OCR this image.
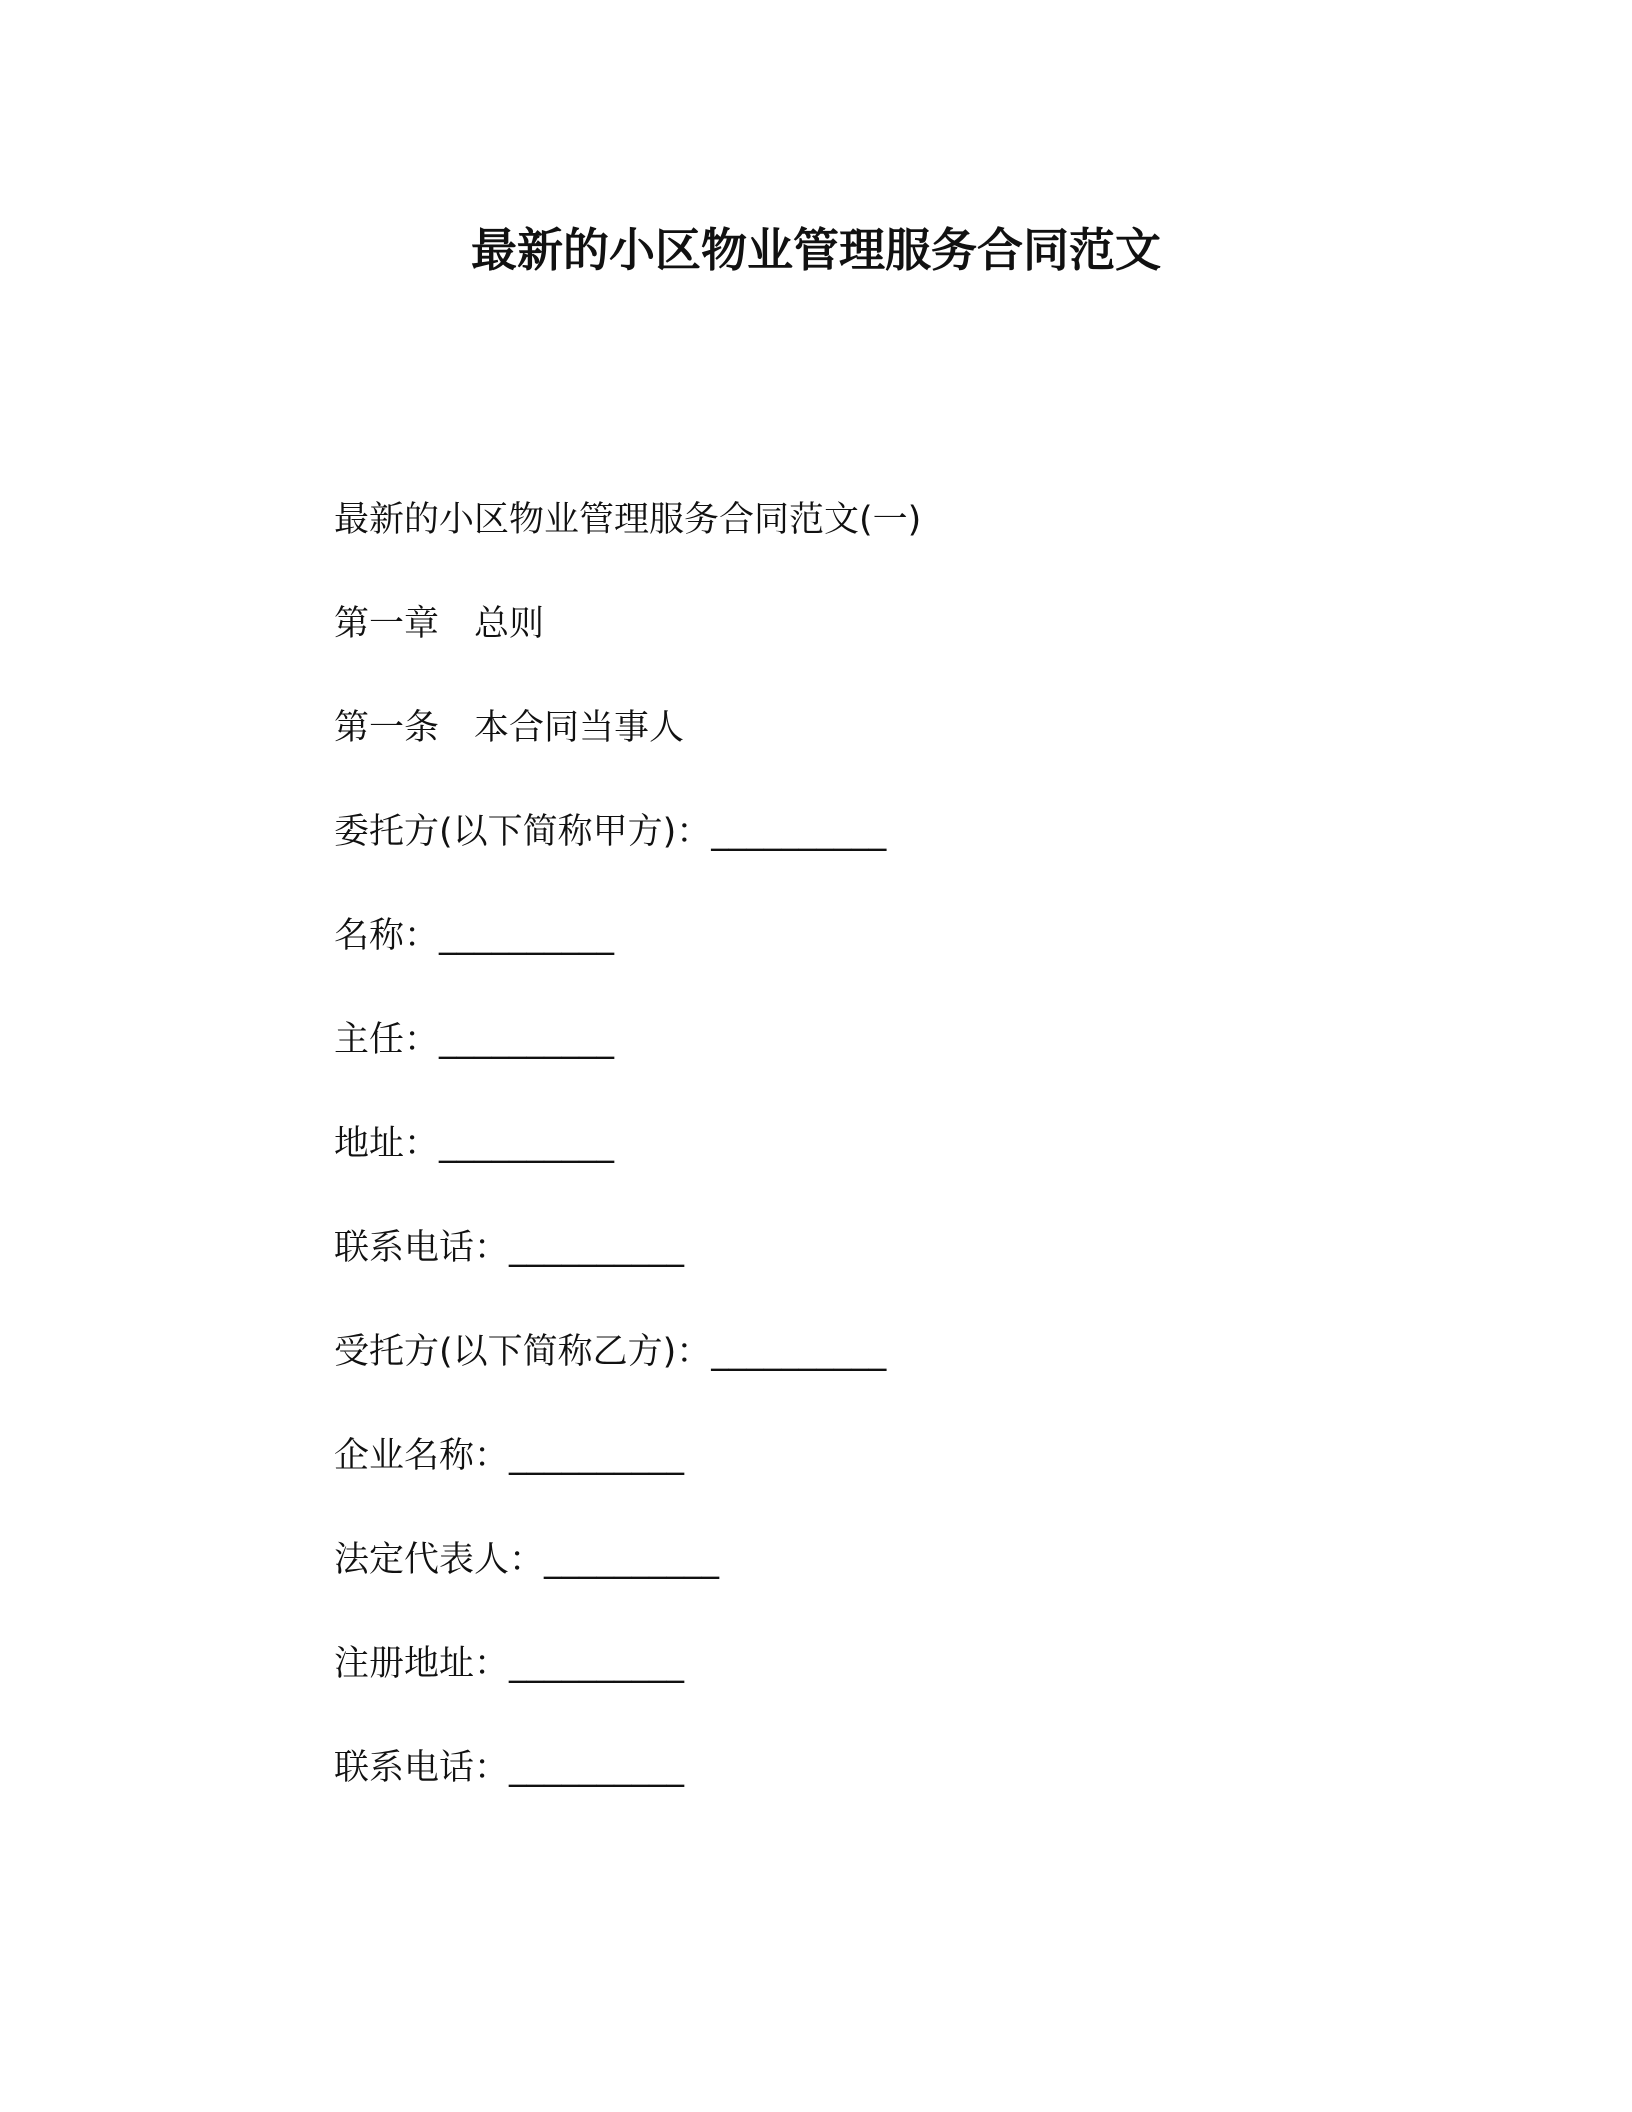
最新的小区物业管理服务合同范文
最新的小区物业管理服务合同范文(一)
第一章　总则
第一条　本合同当事人
委托方(以下简称甲方)：__________
名称：__________
主任：__________
地址：__________
联系电话：__________
受托方(以下简称乙方)：__________
企业名称：__________
法定代表人：__________
注册地址：__________
联系电话：__________
